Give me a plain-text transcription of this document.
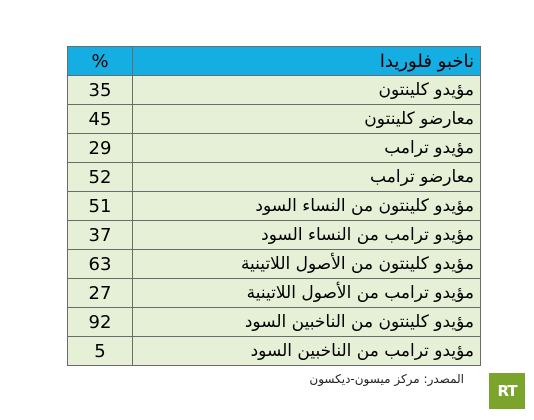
%	ناخبو فلوريدا
35	مؤيدو كلينتون
45	معارضو كلينتون
29	مؤيدو ترامب
52	معارضو ترامب
51	مؤيدو كلينتون من النساء السود
37	مؤيدو ترامب من النساء السود
63	مؤيدو كلينتون من الأصول اللاتينية
27	مؤيدو ترامب من الأصول اللاتينية
92	مؤيدو كلينتون من الناخبين السود
5	مؤيدو ترامب من الناخبين السود
المصدر: مركز ميسون-ديكسون
RT
